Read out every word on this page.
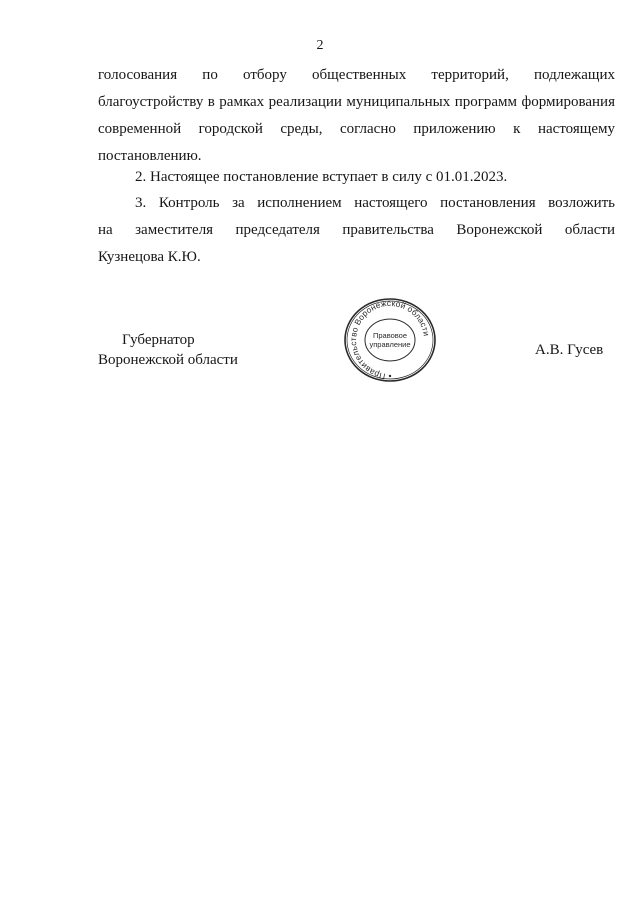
2
голосования по отбору общественных территорий, подлежащих
благоустройству в рамках реализации муниципальных программ формирования
современной городской среды, согласно приложению к настоящему
постановлению.
2. Настоящее постановление вступает в силу с 01.01.2023.
3. Контроль за исполнением настоящего постановления возложить
на заместителя председателя правительства Воронежской области
Кузнецова К.Ю.
Губернатор
Воронежской области
Правительство Воронежской области
Правовое
управление	А.В. Гусев
